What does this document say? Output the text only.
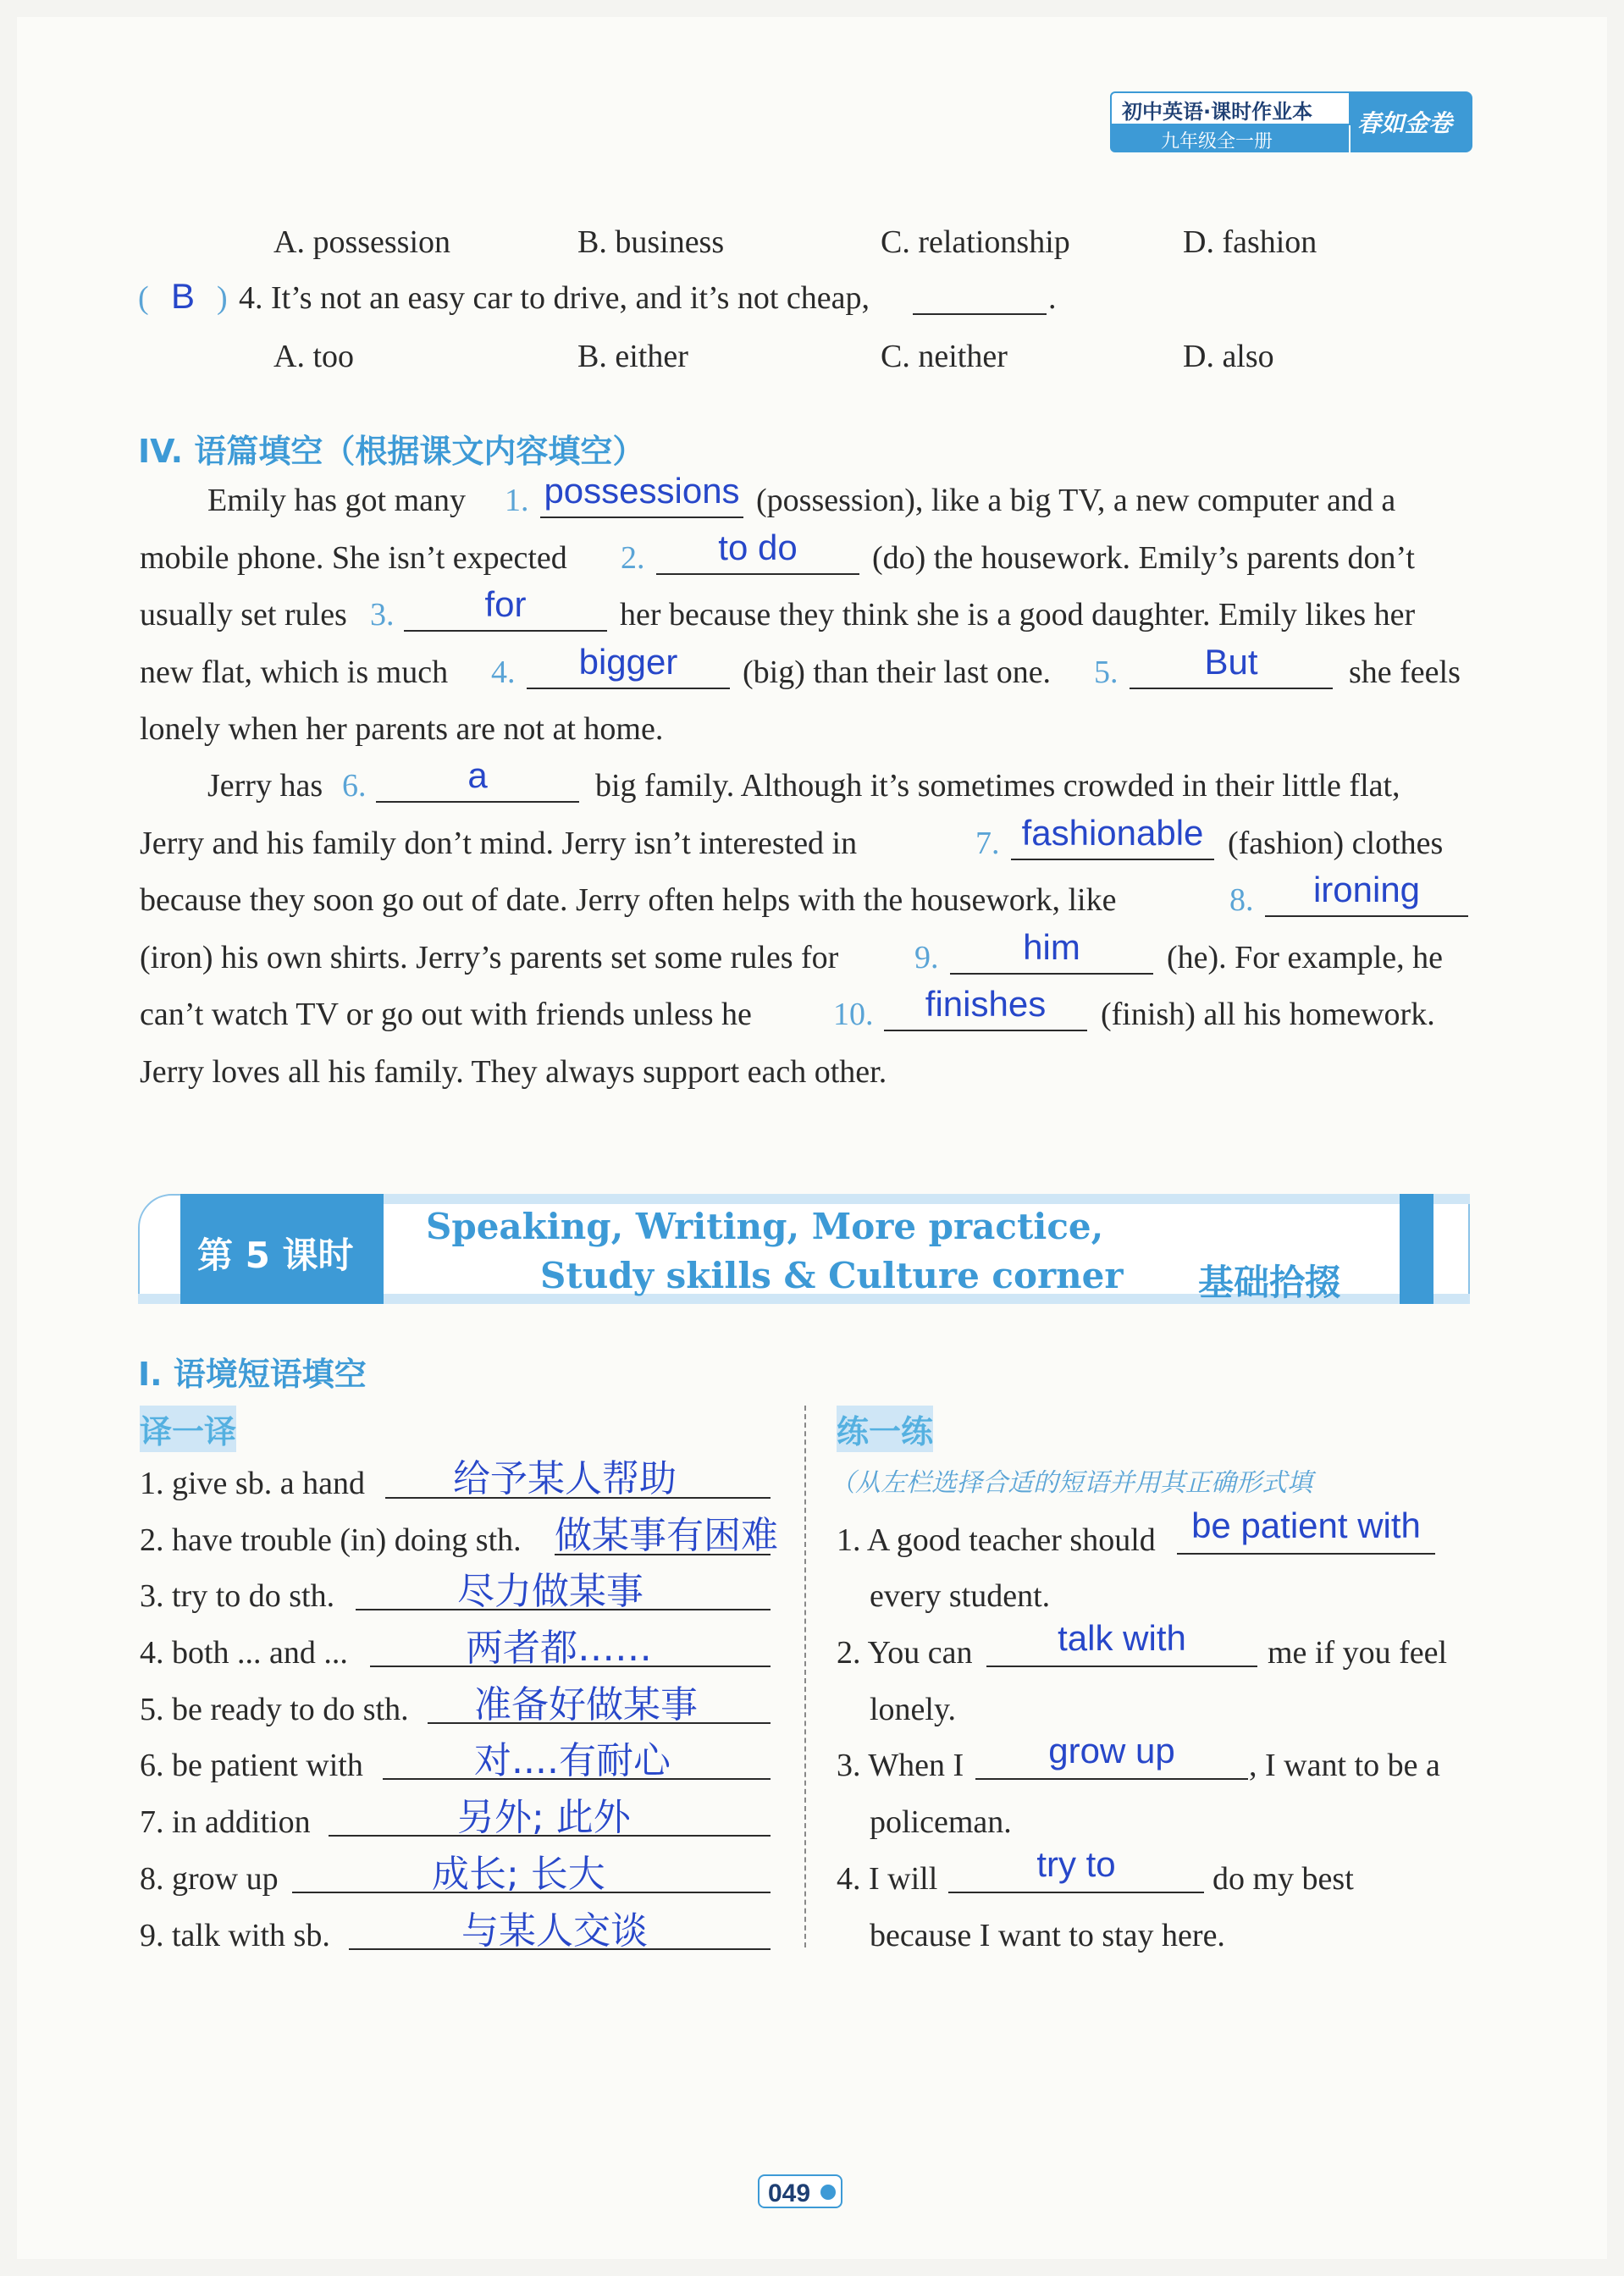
初中英语·课时作业本
九年级全一册
春如金卷
A. possession	B. business	C. relationship	D. fashion
( B ) 4. It’s not an easy car to drive, and it’s not cheap,	.
A. too	B. either	C. neither	D. also
IV. 语篇填空（根据课文内容填空）
Emily has got many 1. possessions (possession), like a big TV, a new computer and a
mobile phone. She isn’t expected 2.	to do	(do) the housework. Emily’s parents don’t
usually set rules 3.	for	her because they think she is a good daughter. Emily likes her
new flat, which is much 4.	bigger	(big) than their last one. 5.	But	she feels
lonely when her parents are not at home.
Jerry has 6.	a	big family. Although it’s sometimes crowded in their little flat,
Jerry and his family don’t mind. Jerry isn’t interested in	7. fashionable (fashion) clothes
because they soon go out of date. Jerry often helps with the housework, like	8.	ironing
(iron) his own shirts. Jerry’s parents set some rules for 9.	him	(he). For example, he
can’t watch TV or go out with friends unless he	10.	finishes	(finish) all his homework.
Jerry loves all his family. They always support each other.
第 5 课时
Speaking, Writing, More practice,
Study skills & Culture corner 基础拾掇
I. 语境短语填空
译一译	练一练
（从左栏选择合适的短语并用其正确形式填
1. give sb. a hand 给予某人帮助
2. have trouble (in) doing sth. 做某事有困难
3. try to do sth.	尽力做某事
4. both ... and ...	两者都……
5. be ready to do sth. 准备好做某事
6. be patient with	对....有耐心
7. in addition	另外; 此外
8. grow up	成长; 长大
9. talk with sb.	与某人交谈
1. A good teacher should	be patient with
every student.
2. You can	talk with	me if you feel
lonely.
3. When I	grow up	, I want to be a
policeman.
4. I will	try to	do my best
because I want to stay here.
049
